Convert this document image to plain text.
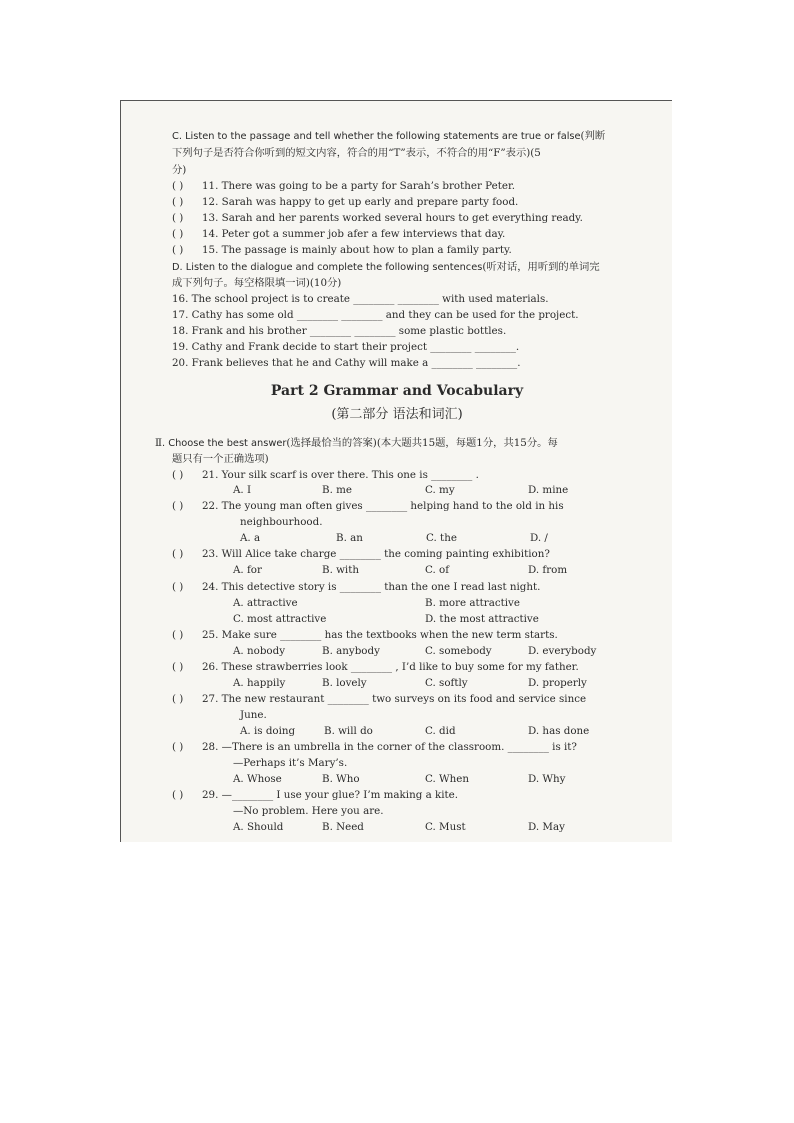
C. Listen to the passage and tell whether the following statements are true or false(判断
下列句子是否符合你听到的短文内容，符合的用“T”表示，不符合的用“F”表示)(5
分)
( ) 11. There was going to be a party for Sarah’s brother Peter.
( ) 12. Sarah was happy to get up early and prepare party food.
( ) 13. Sarah and her parents worked several hours to get everything ready.
( ) 14. Peter got a summer job afer a few interviews that day.
( ) 15. The passage is mainly about how to plan a family party.
D. Listen to the dialogue and complete the following sentences(听对话，用听到的单词完
成下列句子。每空格限填一词)(10分)
16. The school project is to create ________ ________ with used materials.
17. Cathy has some old ________ ________ and they can be used for the project.
18. Frank and his brother ________ ________ some plastic bottles.
19. Cathy and Frank decide to start their project ________ ________.
20. Frank believes that he and Cathy will make a ________ ________.
Part 2 Grammar and Vocabulary
(第二部分 语法和词汇)
Ⅱ. Choose the best answer(选择最恰当的答案)(本大题共15题，每题1分，共15分。每
题只有一个正确选项)
( ) 21. Your silk scarf is over there. This one is ________ .
A. I	B. me	C. my	D. mine
( ) 22. The young man often gives ________ helping hand to the old in his
neighbourhood.
A. a	B. an	C. the	D. /
( ) 23. Will Alice take charge ________ the coming painting exhibition?
A. for	B. with	C. of	D. from
( ) 24. This detective story is ________ than the one I read last night.
A. attractive	B. more attractive
C. most attractive	D. the most attractive
( ) 25. Make sure ________ has the textbooks when the new term starts.
A. nobody	B. anybody	C. somebody	D. everybody
( ) 26. These strawberries look ________ , I’d like to buy some for my father.
A. happily	B. lovely	C. softly	D. properly
( ) 27. The new restaurant ________ two surveys on its food and service since
June.
A. is doing	B. will do	C. did	D. has done
( ) 28. —There is an umbrella in the corner of the classroom. ________ is it?
—Perhaps it’s Mary’s.
A. Whose	B. Who	C. When	D. Why
( ) 29. —________ I use your glue? I’m making a kite.
—No problem. Here you are.
A. Should	B. Need	C. Must	D. May
